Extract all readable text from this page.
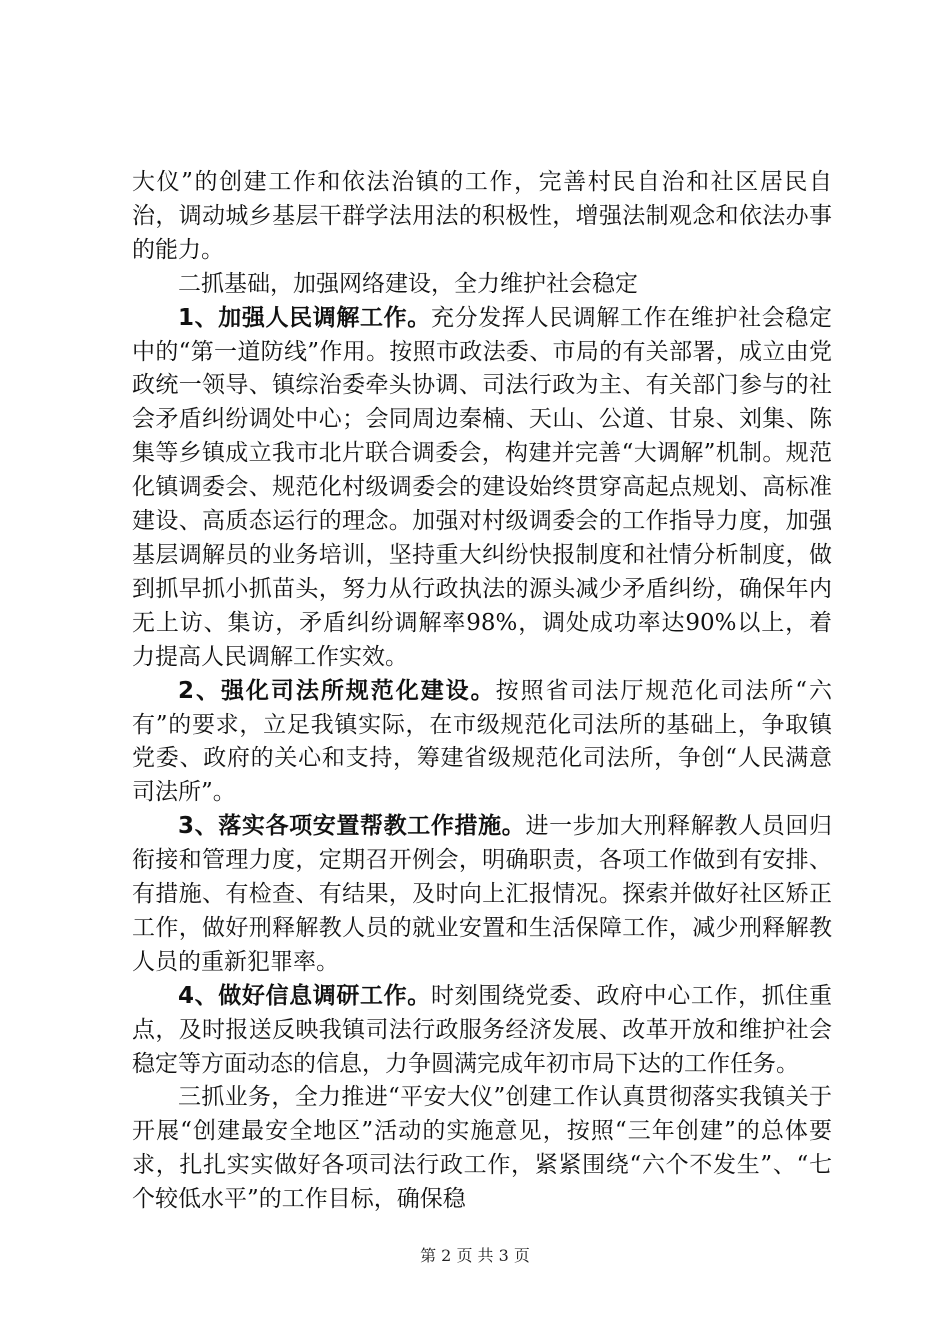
大仪”的创建工作和依法治镇的工作，完善村民自治和社区居民自治，调动城乡基层干群学法用法的积极性，增强法制观念和依法办事的能力。

二抓基础，加强网络建设，全力维护社会稳定

1、加强人民调解工作。充分发挥人民调解工作在维护社会稳定中的“第一道防线”作用。按照市政法委、市局的有关部署，成立由党政统一领导、镇综治委牵头协调、司法行政为主、有关部门参与的社会矛盾纠纷调处中心；会同周边秦楠、天山、公道、甘泉、刘集、陈集等乡镇成立我市北片联合调委会，构建并完善“大调解”机制。规范化镇调委会、规范化村级调委会的建设始终贯穿高起点规划、高标准建设、高质态运行的理念。加强对村级调委会的工作指导力度，加强基层调解员的业务培训，坚持重大纠纷快报制度和社情分析制度，做到抓早抓小抓苗头，努力从行政执法的源头减少矛盾纠纷，确保年内无上访、集访，矛盾纠纷调解率98%，调处成功率达90%以上，着力提高人民调解工作实效。

2、强化司法所规范化建设。按照省司法厅规范化司法所“六有”的要求，立足我镇实际，在市级规范化司法所的基础上，争取镇党委、政府的关心和支持，筹建省级规范化司法所，争创“人民满意司法所”。

3、落实各项安置帮教工作措施。进一步加大刑释解教人员回归衔接和管理力度，定期召开例会，明确职责，各项工作做到有安排、有措施、有检查、有结果，及时向上汇报情况。探索并做好社区矫正工作，做好刑释解教人员的就业安置和生活保障工作，减少刑释解教人员的重新犯罪率。

4、做好信息调研工作。时刻围绕党委、政府中心工作，抓住重点，及时报送反映我镇司法行政服务经济发展、改革开放和维护社会稳定等方面动态的信息，力争圆满完成年初市局下达的工作任务。

三抓业务，全力推进“平安大仪”创建工作认真贯彻落实我镇关于开展“创建最安全地区”活动的实施意见，按照“三年创建”的总体要求，扎扎实实做好各项司法行政工作，紧紧围绕“六个不发生”、“七个较低水平”的工作目标，确保稳

第 2 页 共 3 页
